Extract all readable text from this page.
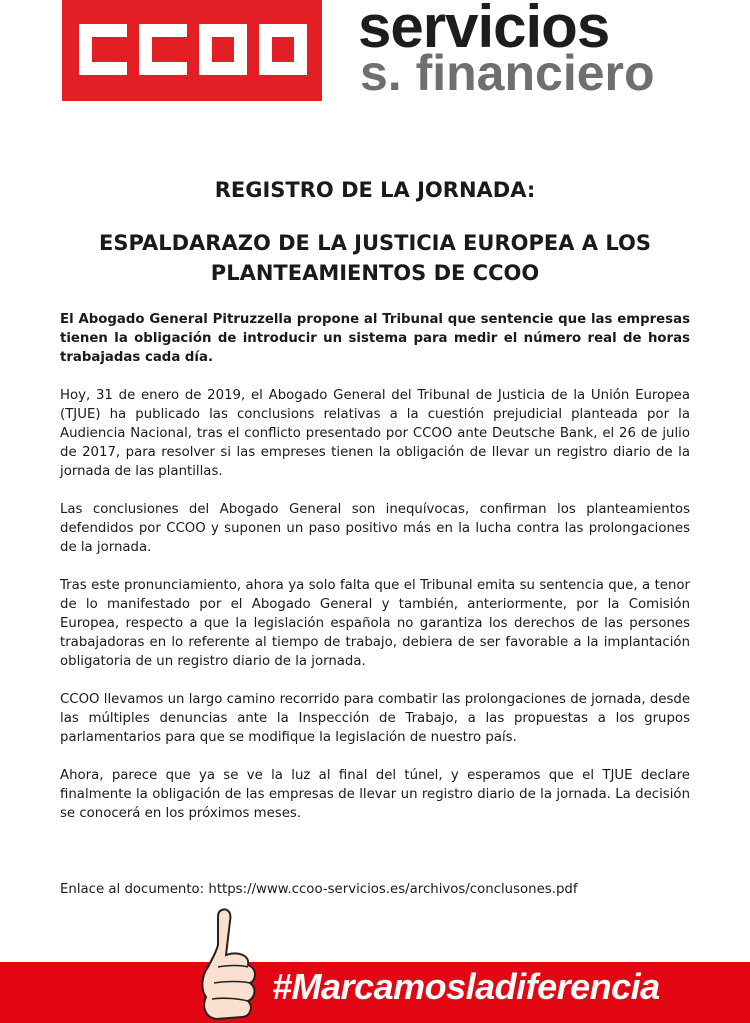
servicios
s. financiero
REGISTRO DE LA JORNADA:
ESPALDARAZO DE LA JUSTICIA EUROPEA A LOS
PLANTEAMIENTOS DE CCOO

El Abogado General Pitruzzella propone al Tribunal que sentencie que las empresas tienen la obligación de introducir un sistema para medir el número real de horas trabajadas cada día.

Hoy, 31 de enero de 2019, el Abogado General del Tribunal de Justicia de la Unión Europea (TJUE) ha publicado las conclusions relativas a la cuestión prejudicial planteada por la Audiencia Nacional, tras el conflicto presentado por CCOO ante Deutsche Bank, el 26 de julio de 2017, para resolver si las empreses tienen la obligación de llevar un registro diario de la jornada de las plantillas.

Las conclusiones del Abogado General son inequívocas, confirman los planteamientos defendidos por CCOO y suponen un paso positivo más en la lucha contra las prolongaciones de la jornada.

Tras este pronunciamiento, ahora ya solo falta que el Tribunal emita su sentencia que, a tenor de lo manifestado por el Abogado General y también, anteriormente, por la Comisión Europea, respecto a que la legislación española no garantiza los derechos de las persones trabajadoras en lo referente al tiempo de trabajo, debiera de ser favorable a la implantación obligatoria de un registro diario de la jornada.

CCOO llevamos un largo camino recorrido para combatir las prolongaciones de jornada, desde las múltiples denuncias ante la Inspección de Trabajo, a las propuestas a los grupos parlamentarios para que se modifique la legislación de nuestro país.

Ahora, parece que ya se ve la luz al final del túnel, y esperamos que el TJUE declare finalmente la obligación de las empresas de llevar un registro diario de la jornada. La decisión se conocerá en los próximos meses.

Enlace al documento: https://www.ccoo-servicios.es/archivos/conclusones.pdf

#Marcamosladiferencia
